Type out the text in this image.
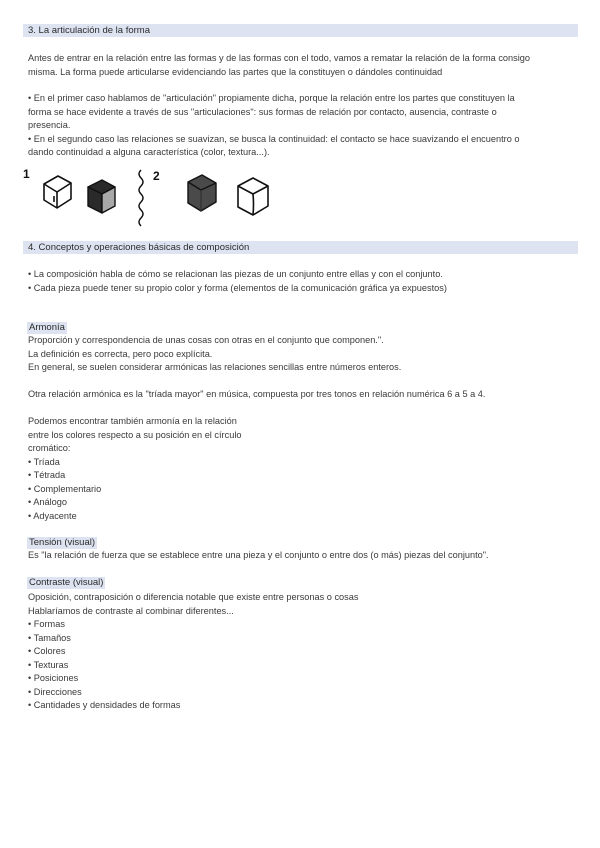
3. La articulación de la forma
Antes de entrar en la relación entre las formas y de las formas con el todo, vamos a rematar la relación de la forma consigo
misma. La forma puede articularse evidenciando las partes que la constituyen o dándoles continuidad
• En el primer caso hablamos de "articulación" propiamente dicha, porque la relación entre los partes que constituyen la
forma se hace evidente a través de sus "articulaciones": sus formas de relación por contacto, ausencia, contraste o
presencia.
• En el segundo caso las relaciones se suavizan, se busca la continuidad: el contacto se hace suavizando el encuentro o
dando continuidad a alguna característica (color, textura...).
1	2
4. Conceptos y operaciones básicas de composición
• La composición habla de cómo se relacionan las piezas de un conjunto entre ellas y con el conjunto.
• Cada pieza puede tener su propio color y forma (elementos de la comunicación gráfica ya expuestos)
Armonía
Proporción y correspondencia de unas cosas con otras en el conjunto que componen.".
La definición es correcta, pero poco explícita.
En general, se suelen considerar armónicas las relaciones sencillas entre números enteros.
Otra relación armónica es la "tríada mayor" en música, compuesta por tres tonos en relación numérica 6 a 5 a 4.
Podemos encontrar también armonía en la relación
entre los colores respecto a su posición en el círculo
cromático:
• Tríada
• Tétrada
• Complementario
• Análogo
• Adyacente
Tensión (visual)
Es "la relación de fuerza que se establece entre una pieza y el conjunto o entre dos (o más) piezas del conjunto".
Contraste (visual)
Oposición, contraposición o diferencia notable que existe entre personas o cosas
Hablaríamos de contraste al combinar diferentes...
• Formas
• Tamaños
• Colores
• Texturas
• Posiciones
• Direcciones
• Cantidades y densidades de formas
